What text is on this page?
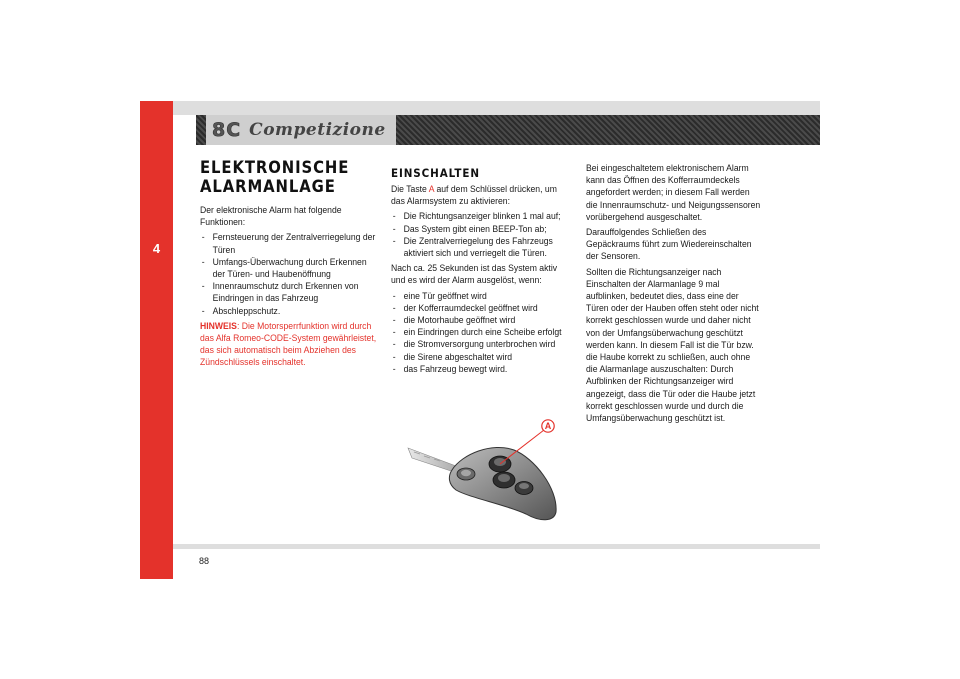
4
8C Competizione
ELEKTRONISCHE
ALARMANLAGE

Der elektronische Alarm hat folgende Funktionen:

- Fernsteuerung der Zentralverriegelung der Türen
- Umfangs-Überwachung durch Erkennen der Türen- und Haubenöffnung
- Innenraumschutz durch Erkennen von Eindringen in das Fahrzeug
- Abschleppschutz.

HINWEIS: Die Motorsperrfunktion wird durch das Alfa Romeo-CODE-System gewährleistet, das sich automatisch beim Abziehen des Zündschlüssels einschaltet.

EINSCHALTEN

Die Taste A auf dem Schlüssel drücken, um das Alarmsystem zu aktivieren:

- Die Richtungsanzeiger blinken 1 mal auf;
- Das System gibt einen BEEP-Ton ab;
- Die Zentralverriegelung des Fahrzeugs aktiviert sich und verriegelt die Türen.

Nach ca. 25 Sekunden ist das System aktiv und es wird der Alarm ausgelöst, wenn:

- eine Tür geöffnet wird
- der Kofferraumdeckel geöffnet wird
- die Motorhaube geöffnet wird
- ein Eindringen durch eine Scheibe erfolgt
- die Stromversorgung unterbrochen wird
- die Sirene abgeschaltet wird
- das Fahrzeug bewegt wird.

Bei eingeschaltetem elektronischem Alarm kann das Öffnen des Kofferraumdeckels angefordert werden; in diesem Fall werden die Innenraumschutz- und Neigungssensoren vorübergehend ausgeschaltet.

Darauffolgendes Schließen des Gepäckraums führt zum Wiedereinschalten der Sensoren.

Sollten die Richtungsanzeiger nach Einschalten der Alarmanlage 9 mal aufblinken, bedeutet dies, dass eine der Türen oder der Hauben offen steht oder nicht korrekt geschlossen wurde und daher nicht von der Umfangsüberwachung geschützt werden kann. In diesem Fall ist die Tür bzw. die Haube korrekt zu schließen, auch ohne die Alarmanlage auszuschalten: Durch Aufblinken der Richtungsanzeiger wird angezeigt, dass die Tür oder die Haube jetzt korrekt geschlossen wurde und durch die Umfangsüberwachung geschützt ist.

A
88
